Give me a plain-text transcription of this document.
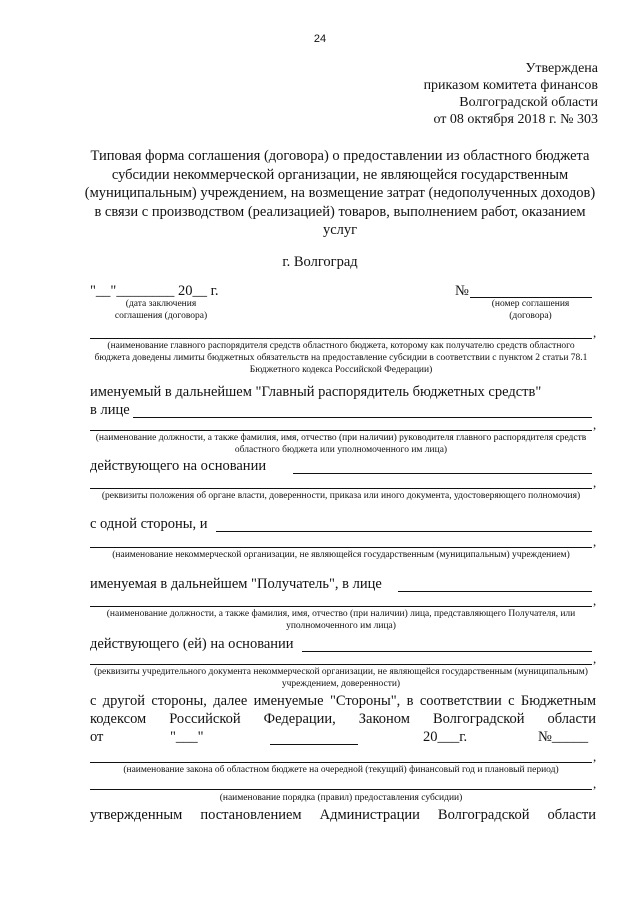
24
Утверждена
приказом комитета финансов
Волгоградской области
от 08 октября 2018 г. № 303
Типовая форма соглашения (договора) о предоставлении из областного бюджета субсидии некоммерческой организации, не являющейся государственным (муниципальным) учреждением, на возмещение затрат (недополученных доходов) в связи с производством (реализацией) товаров, выполнением работ, оказанием услуг
г. Волгоград
"__"________ 20__ г.
(дата заключения соглашения (договора)
№
(номер соглашения (договора)
,
(наименование главного распорядителя средств областного бюджета, которому как получателю средств областного бюджета доведены лимиты бюджетных обязательств на предоставление субсидии в соответствии с пунктом 2 статьи 78.1 Бюджетного кодекса Российской Федерации)
именуемый в дальнейшем "Главный распорядитель бюджетных средств"
в лице
,
(наименование должности, а также фамилия, имя, отчество (при наличии) руководителя главного распорядителя средств областного бюджета или уполномоченного им лица)
действующего на основании
,
(реквизиты положения об органе власти, доверенности, приказа или иного документа, удостоверяющего полномочия)
с одной стороны, и
,
(наименование некоммерческой организации, не являющейся государственным (муниципальным) учреждением)
именуемая в дальнейшем "Получатель", в лице
,
(наименование должности, а также фамилия, имя, отчество (при наличии) лица, представляющего Получателя, или уполномоченного им лица)
действующего (ей) на основании
,
(реквизиты учредительного документа некоммерческой организации, не являющейся государственным (муниципальным) учреждением, доверенности)
с другой стороны, далее именуемые "Стороны", в соответствии с Бюджетным
кодексом Российской Федерации, Законом Волгоградской области
от	"___"	20___г.	№_____
,
(наименование закона об областном бюджете на очередной (текущий) финансовый год и плановый период)
,
(наименование порядка (правил) предоставления субсидии)
утвержденным постановлением Администрации Волгоградской области
